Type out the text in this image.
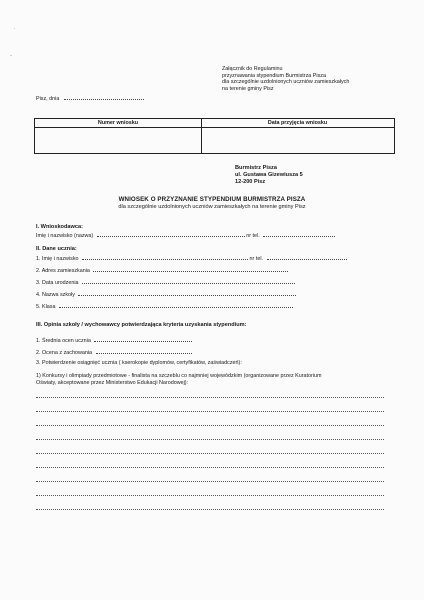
Załącznik do Regulaminu
przyznawania stypendium Burmistrza Pisza
dla szczególnie uzdolnionych uczniów zamieszkałych
na terenie gminy Pisz
Pisz, dnia
Numer wniosku	Data przyjęcia wniosku
Burmistrz Pisza
ul. Gustawa Gizewiusza 5
12-200 Pisz
WNIOSEK O PRZYZNANIE STYPENDIUM BURMISTRZA PISZA
dla szczególnie uzdolnionych uczniów zamieszkałych na terenie gminy Pisz
I. Wnioskodawca:
Imię i nazwisko (nazwa)	nr tel.
II. Dane ucznia:
1. Imię i nazwisko	nr tel.
2. Adres zamieszkania
3. Data urodzenia
4. Nazwa szkoły
5. Klasa
III. Opinia szkoły / wychowawcy potwierdzająca kryteria uzyskania stypendium:
1. Średnia ocen ucznia
2. Ocena z zachowania
3. Potwierdzenie osiągnięć ucznia ( kserokopie dyplomów, certyfikatów, zaświadczeń):
1) Konkursy i olimpiady przedmiotowe - finalista na szczeblu co najmniej wojewódzkim (organizowane przez Kuratorium
Oświaty, akceptowane przez Ministerstwo Edukacji Narodowej):
